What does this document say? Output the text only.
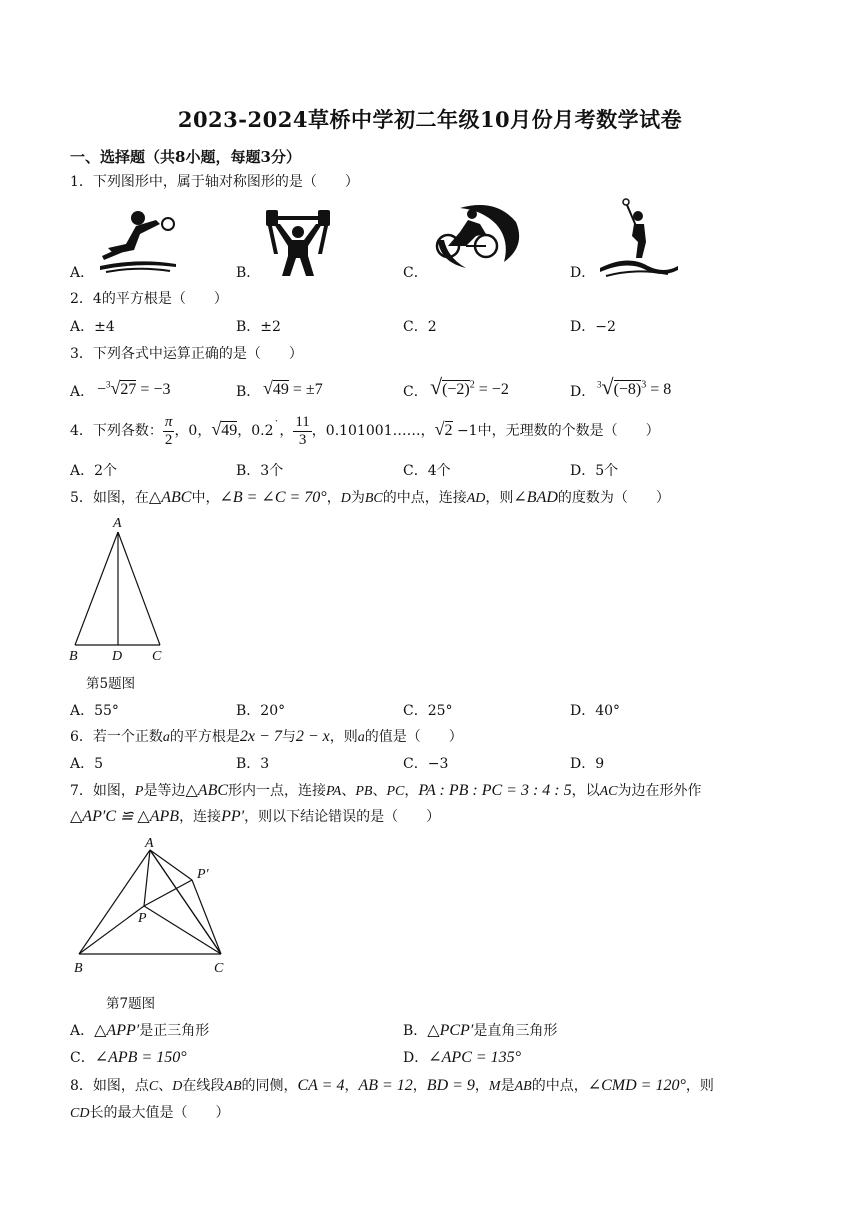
2023-2024草桥中学初二年级10月份月考数学试卷
一、选择题（共8小题，每题3分）
1．下列图形中，属于轴对称图形的是（　　）
A．	B．	C．	D．
2．4的平方根是（　　）
A．±4	B．±2	C．2	D．−2
3．下列各式中运算正确的是（　　）
A． −$^3$√27 = −3	B． √49 = ±7	C． $√(-2)^2 = -2$	D． $^3√(-8)^3 = 8$
4．下列各数： $\frac{\pi}{2}$ ，0，√49，0.2˙， $\frac{11}{3}$ ，0.101001……，√2 −1中，无理数的个数是（　　）
A．2个	B．3个	C．4个	D．5个
5．如图，在△ABC中，∠B = ∠C = 70°，D为BC的中点，连接AD，则∠BAD的度数为（　　）
A
B D C
第5题图
A．55°	B．20°	C．25°	D．40°
6．若一个正数a的平方根是2x − 7与2 − x，则a的值是（　　）
A．5	B．3	C．−3	D．9
7．如图，P是等边△ABC形内一点，连接PA、PB、PC，PA : PB : PC = 3 : 4 : 5，以AC为边在形外作
△AP′C ≌ △APB，连接PP′，则以下结论错误的是（　　）
A
P′
P
B	C
第7题图
A．△APP′是正三角形	B．△PCP′是直角三角形
C．∠APB = 150°	D．∠APC = 135°
8．如图，点C、D在线段AB的同侧，CA = 4，AB = 12，BD = 9，M是AB的中点，∠CMD = 120°，则
CD长的最大值是（　　）
